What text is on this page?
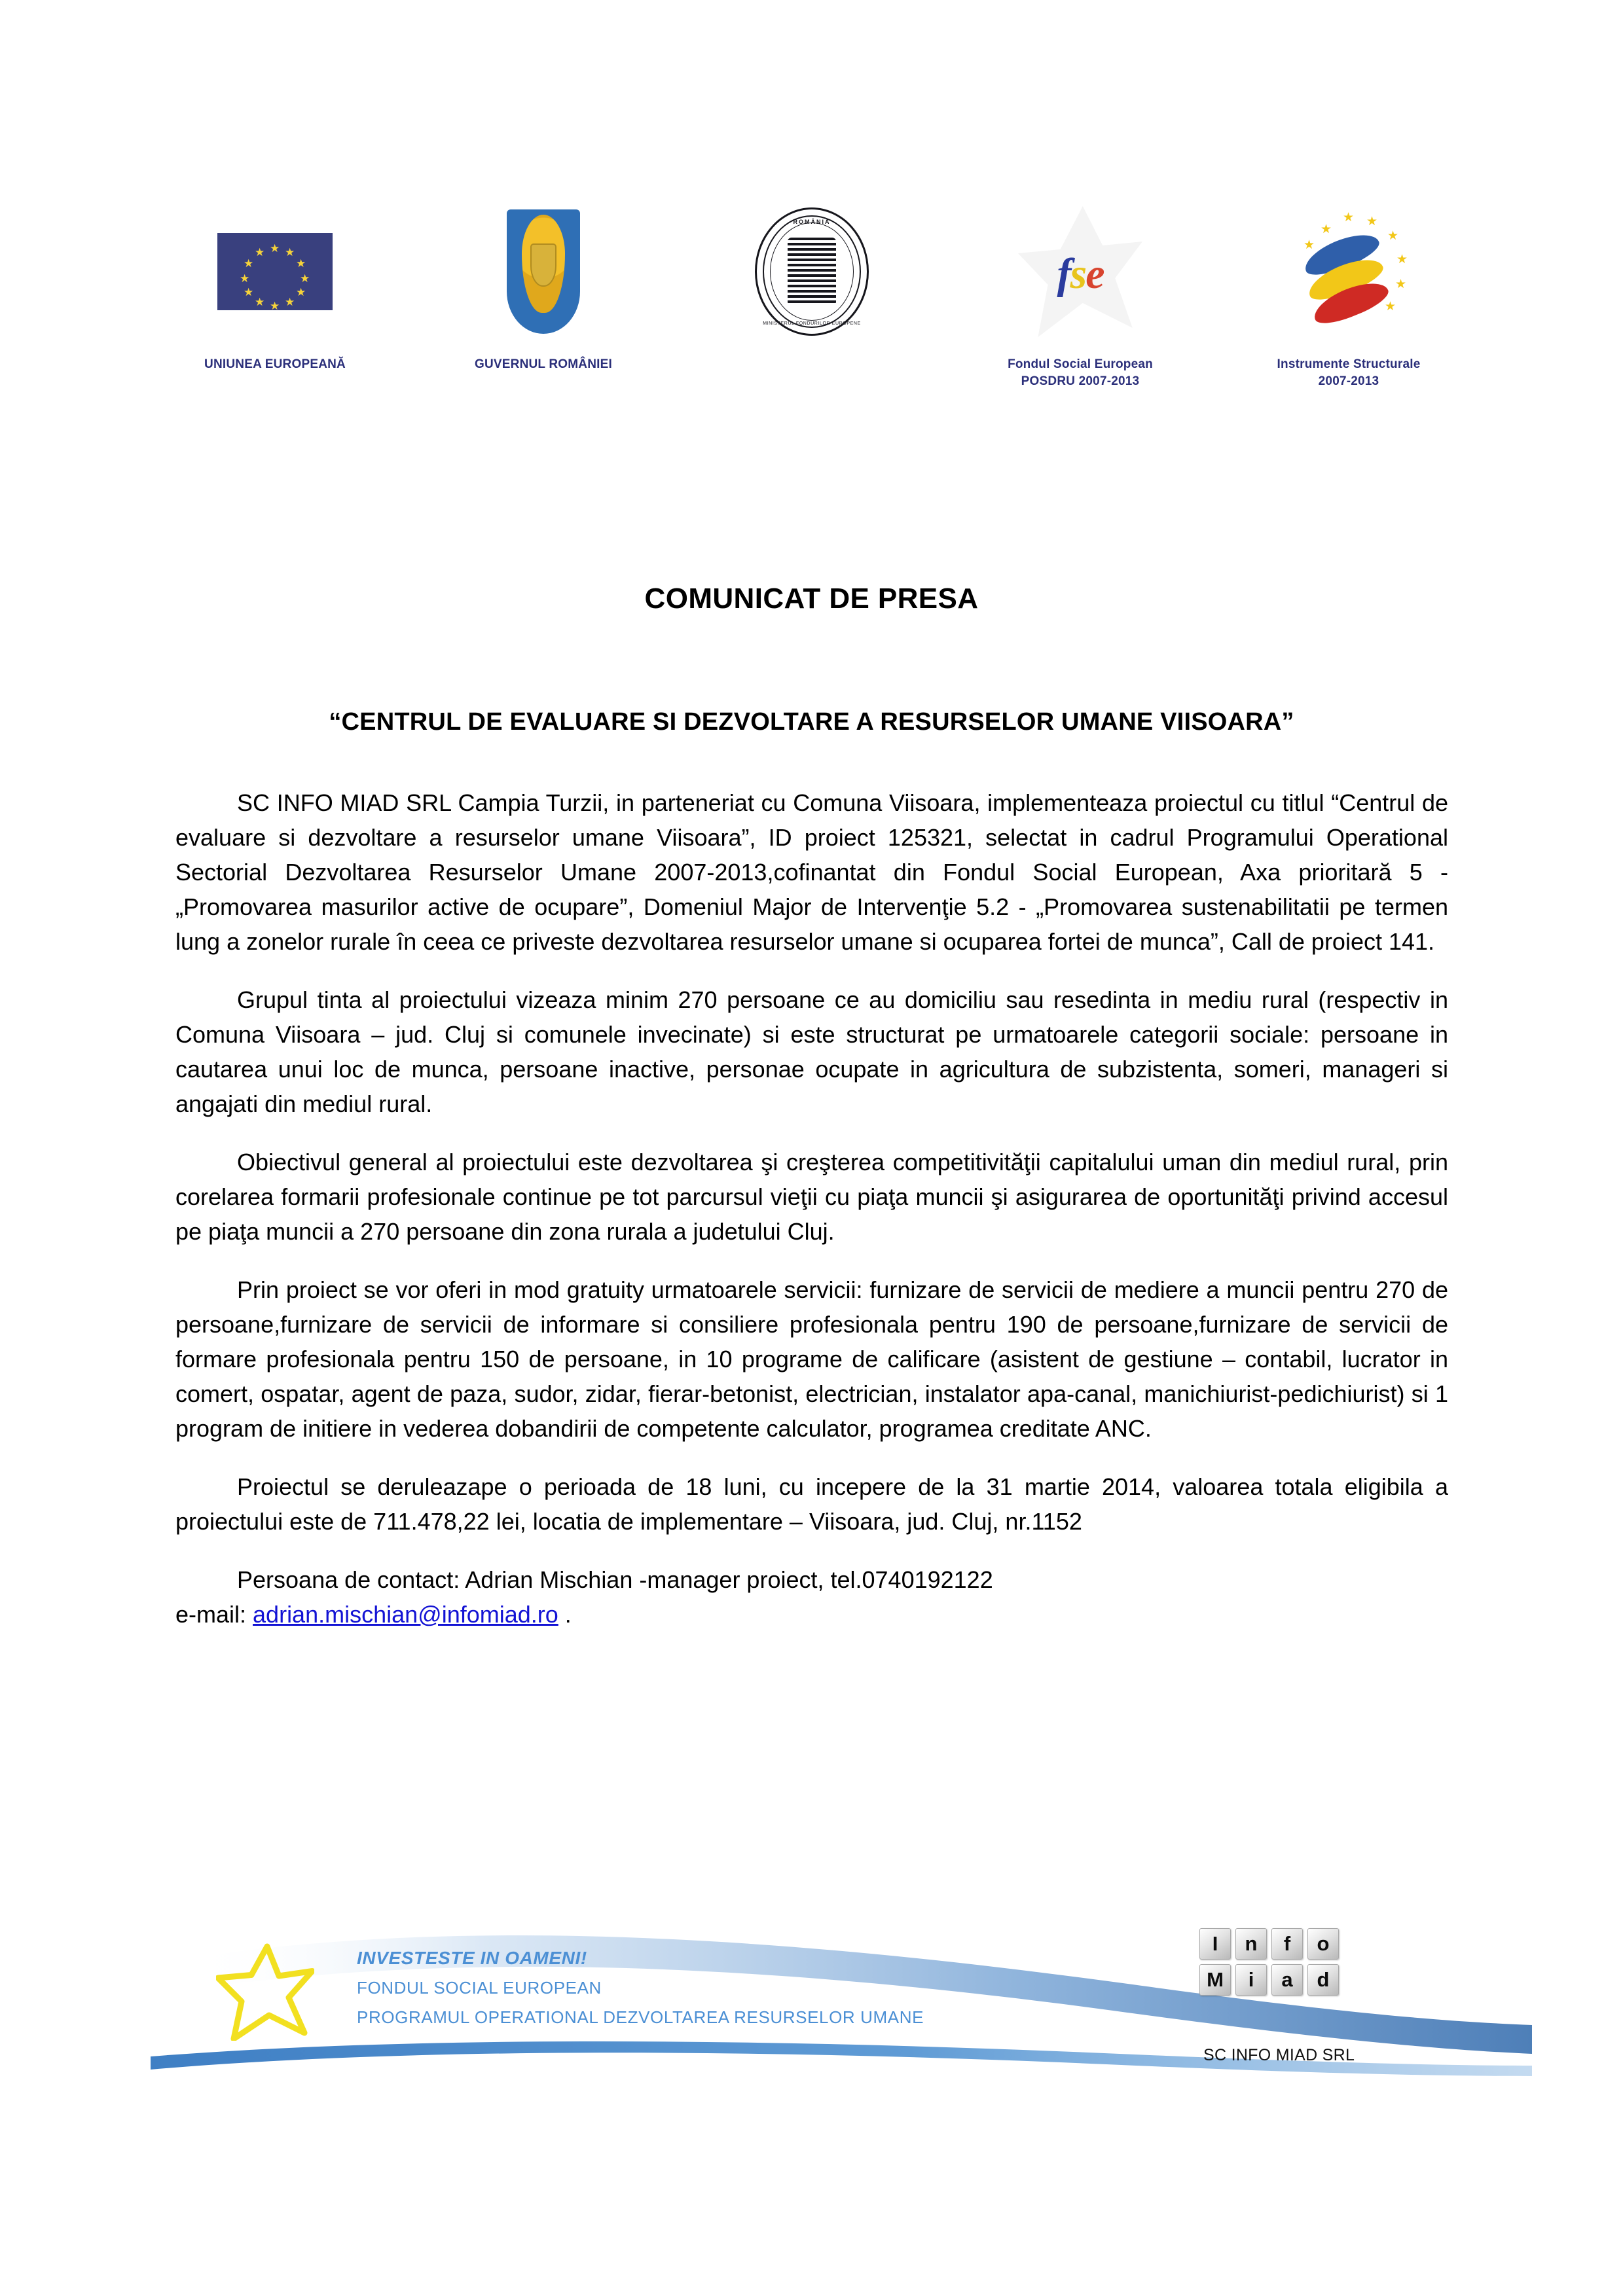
★ ★
★
★
★
★
★
★
★
★
★
★
UNIUNEA EUROPEANĂ	GUVERNUL ROMÂNIEI
ROMÂNIA
MINISTERUL FONDURILOR EUROPENE
fse
Fondul Social European
POSDRU 2007-2013
★ ★
★
★
★
★
★
★
Instrumente Structurale
2007-2013
COMUNICAT DE PRESA
“CENTRUL DE EVALUARE SI DEZVOLTARE A RESURSELOR UMANE VIISOARA”

SC INFO MIAD SRL Campia Turzii, in parteneriat cu Comuna Viisoara, implementeaza proiectul cu titlul “Centrul de evaluare si dezvoltare a resurselor umane Viisoara”, ID proiect 125321, selectat in cadrul Programului Operational Sectorial Dezvoltarea Resurselor Umane 2007-2013,cofinantat din Fondul Social European, Axa prioritară 5 - „Promovarea masurilor active de ocupare”, Domeniul Major de Intervenţie 5.2 - „Promovarea sustenabilitatii pe termen lung a zonelor rurale în ceea ce priveste dezvoltarea resurselor umane si ocuparea fortei de munca”, Call de proiect 141.

Grupul tinta al proiectului vizeaza minim 270 persoane ce au domiciliu sau resedinta in mediu rural (respectiv in Comuna Viisoara – jud. Cluj si comunele invecinate) si este structurat pe urmatoarele categorii sociale: persoane in cautarea unui loc de munca, persoane inactive, personae ocupate in agricultura de subzistenta, someri, manageri si angajati din mediul rural.

Obiectivul general al proiectului este dezvoltarea şi creşterea competitivităţii capitalului uman din mediul rural, prin corelarea formarii profesionale continue pe tot parcursul vieţii cu piaţa muncii şi asigurarea de oportunităţi privind accesul pe piaţa muncii a 270 persoane din zona rurala a judetului Cluj.

Prin proiect se vor oferi in mod gratuity urmatoarele servicii: furnizare de servicii de mediere a muncii pentru 270 de persoane,furnizare de servicii de informare si consiliere profesionala pentru 190 de persoane,furnizare de servicii de formare profesionala pentru 150 de persoane, in 10 programe de calificare (asistent de gestiune – contabil, lucrator in comert, ospatar, agent de paza, sudor, zidar, fierar-betonist, electrician, instalator apa-canal, manichiurist-pedichiurist) si 1 program de initiere in vederea dobandirii de competente calculator, programea creditate ANC.

Proiectul se deruleazape o perioada de 18 luni, cu incepere de la 31 martie 2014, valoarea totala eligibila a proiectului este de 711.478,22 lei, locatia de implementare – Viisoara, jud. Cluj, nr.1152

Persoana de contact: Adrian Mischian -manager proiect, tel.0740192122

e-mail: adrian.mischian@infomiad.ro .

INVESTESTE IN OAMENI!
FONDUL SOCIAL EUROPEAN
PROGRAMUL OPERATIONAL DEZVOLTAREA RESURSELOR UMANE
I	n	f	o
M	i	a	d
SC INFO MIAD SRL
